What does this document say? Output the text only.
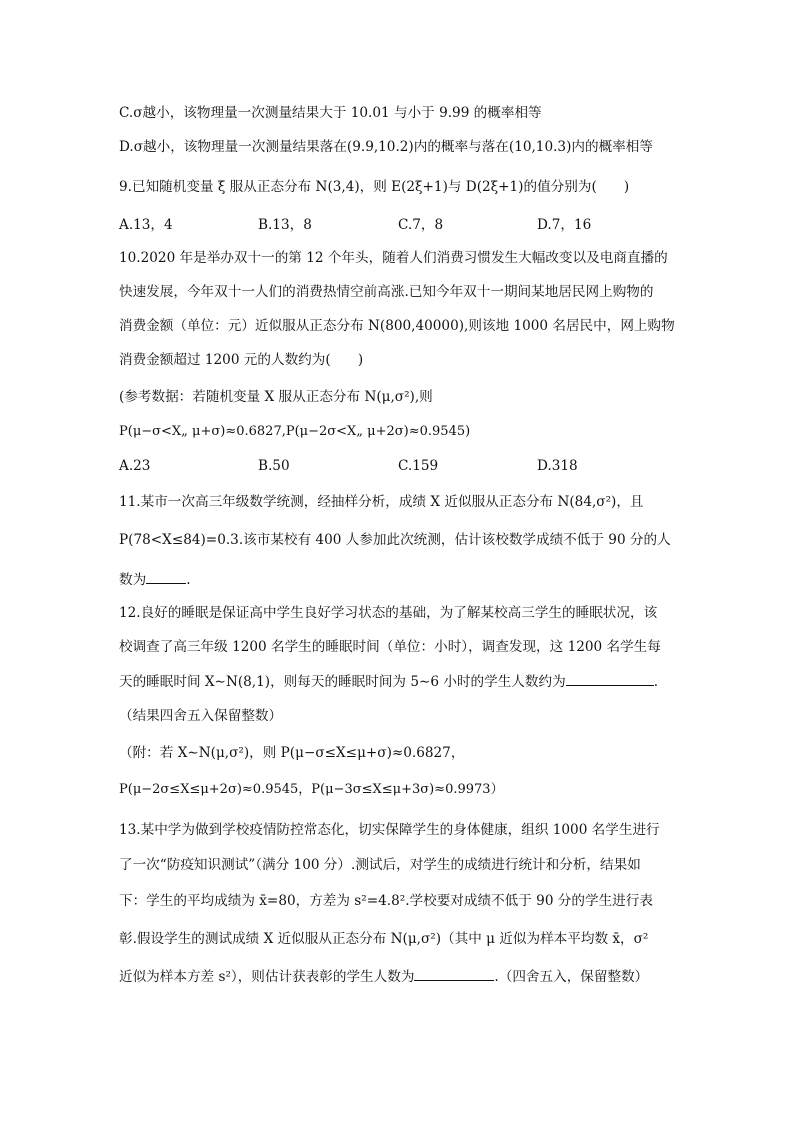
C.σ越小，该物理量一次测量结果大于 10.01 与小于 9.99 的概率相等
D.σ越小，该物理量一次测量结果落在(9.9,10.2)内的概率与落在(10,10.3)内的概率相等
9.已知随机变量 ξ 服从正态分布 N(3,4)，则 E(2ξ+1)与 D(2ξ+1)的值分别为(　　)
A.13，4	B.13，8	C.7，8	D.7，16
10.2020 年是举办双十一的第 12 个年头，随着人们消费习惯发生大幅改变以及电商直播的
快速发展，今年双十一人们的消费热情空前高涨.已知今年双十一期间某地居民网上购物的
消费金额（单位：元）近似服从正态分布 N(800,40000),则该地 1000 名居民中，网上购物
消费金额超过 1200 元的人数约为(　　)
(参考数据：若随机变量 X 服从正态分布 N(μ,σ²),则
P(μ−σ<X„ μ+σ)≈0.6827,P(μ−2σ<X„ μ+2σ)≈0.9545)
A.23	B.50	C.159	D.318
11.某市一次高三年级数学统测，经抽样分析，成绩 X 近似服从正态分布 N(84,σ²)，且
P(78<X≤84)=0.3.该市某校有 400 人参加此次统测，估计该校数学成绩不低于 90 分的人
数为	.
12.良好的睡眠是保证高中学生良好学习状态的基础，为了解某校高三学生的睡眠状况，该
校调查了高三年级 1200 名学生的睡眠时间（单位：小时），调查发现，这 1200 名学生每
天的睡眠时间 X∼N(8,1)，则每天的睡眠时间为 5∼6 小时的学生人数约为	.
（结果四舍五入保留整数）
（附：若 X∼N(μ,σ²)，则 P(μ−σ≤X≤μ+σ)≈0.6827，
P(μ−2σ≤X≤μ+2σ)≈0.9545，P(μ−3σ≤X≤μ+3σ)≈0.9973）
13.某中学为做到学校疫情防控常态化，切实保障学生的身体健康，组织 1000 名学生进行
了一次“防疫知识测试”（满分 100 分）.测试后，对学生的成绩进行统计和分析，结果如
下：学生的平均成绩为 x̄=80，方差为 s²=4.8².学校要对成绩不低于 90 分的学生进行表
彰.假设学生的测试成绩 X 近似服从正态分布 N(μ,σ²)（其中 μ 近似为样本平均数 x̄，σ²
近似为样本方差 s²），则估计获表彰的学生人数为	.（四舍五入，保留整数）
